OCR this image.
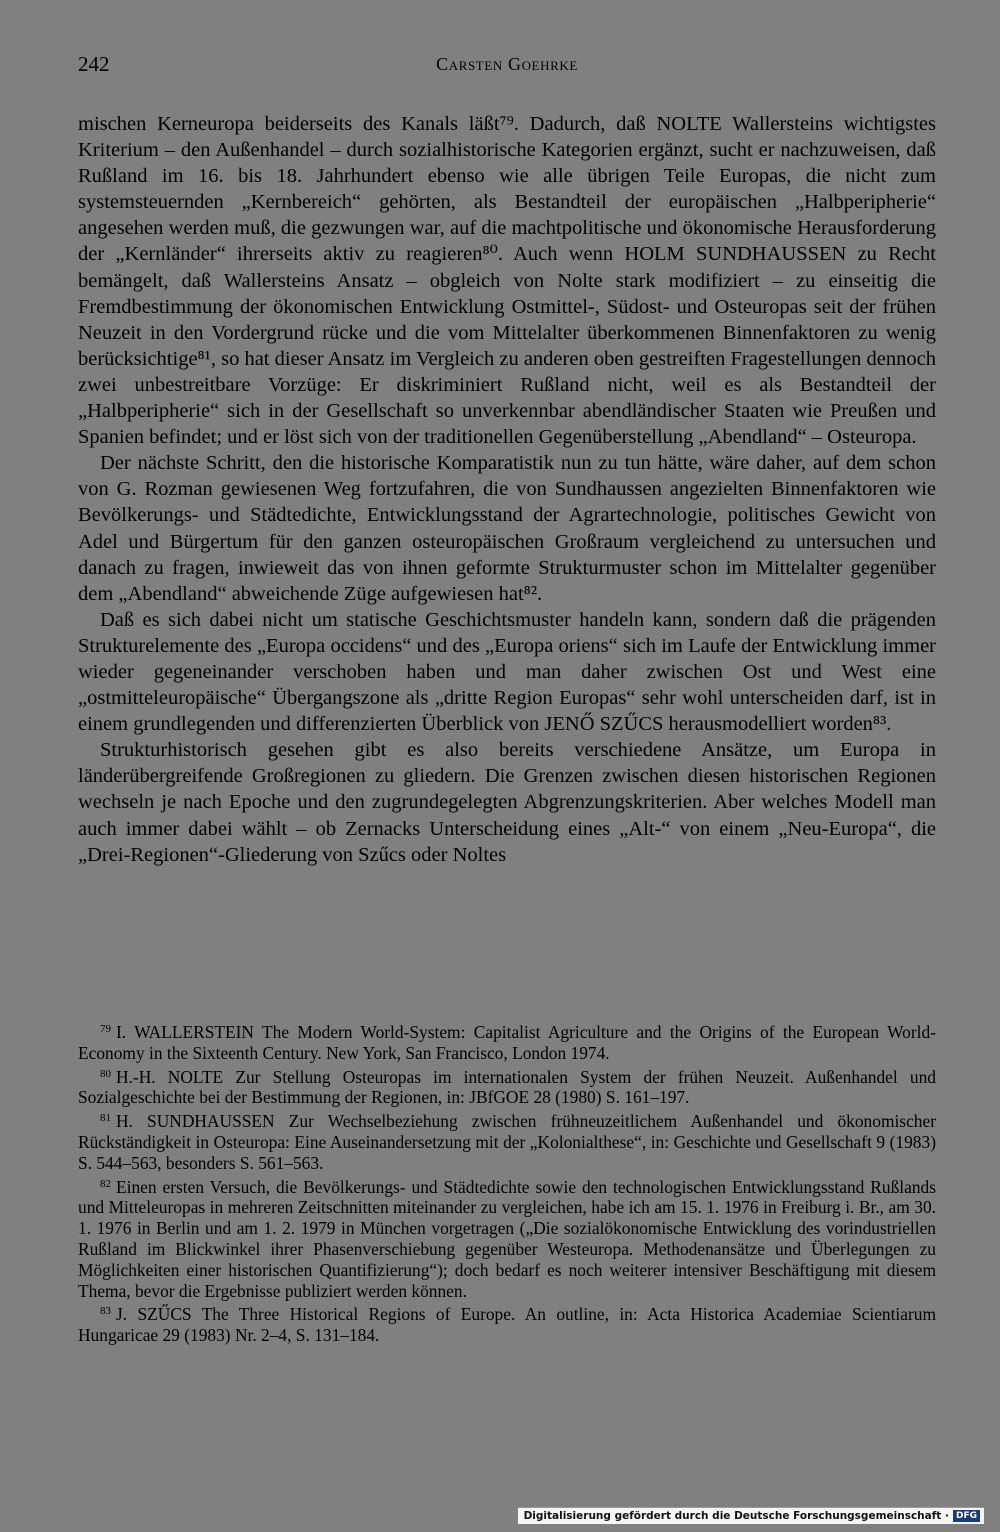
242	Carsten Goehrke

mischen Kerneuropa beiderseits des Kanals läßt⁷⁹. Dadurch, daß NOLTE Wallersteins wichtigstes Kriterium – den Außenhandel – durch sozialhistorische Kategorien ergänzt, sucht er nachzuweisen, daß Rußland im 16. bis 18. Jahrhundert ebenso wie alle übrigen Teile Europas, die nicht zum systemsteuernden „Kernbereich“ gehörten, als Bestandteil der europäischen „Halbperipherie“ angesehen werden muß, die gezwungen war, auf die machtpolitische und ökonomische Herausforderung der „Kernländer“ ihrerseits aktiv zu reagieren⁸⁰. Auch wenn HOLM SUNDHAUSSEN zu Recht bemängelt, daß Wallersteins Ansatz – obgleich von Nolte stark modifiziert – zu einseitig die Fremdbestimmung der ökonomischen Entwicklung Ostmittel-, Südost- und Osteuropas seit der frühen Neuzeit in den Vordergrund rücke und die vom Mittelalter überkommenen Binnenfaktoren zu wenig berücksichtige⁸¹, so hat dieser Ansatz im Vergleich zu anderen oben gestreiften Fragestellungen dennoch zwei unbestreitbare Vorzüge: Er diskriminiert Rußland nicht, weil es als Bestandteil der „Halbperipherie“ sich in der Gesellschaft so unverkennbar abendländischer Staaten wie Preußen und Spanien befindet; und er löst sich von der traditionellen Gegenüberstellung „Abendland“ – Osteuropa.

Der nächste Schritt, den die historische Komparatistik nun zu tun hätte, wäre daher, auf dem schon von G. Rozman gewiesenen Weg fortzufahren, die von Sundhaussen angezielten Binnenfaktoren wie Bevölkerungs- und Städtedichte, Entwicklungsstand der Agrartechnologie, politisches Gewicht von Adel und Bürgertum für den ganzen osteuropäischen Großraum vergleichend zu untersuchen und danach zu fragen, inwieweit das von ihnen geformte Strukturmuster schon im Mittelalter gegenüber dem „Abendland“ abweichende Züge aufgewiesen hat⁸².

Daß es sich dabei nicht um statische Geschichtsmuster handeln kann, sondern daß die prägenden Strukturelemente des „Europa occidens“ und des „Europa oriens“ sich im Laufe der Entwicklung immer wieder gegeneinander verschoben haben und man daher zwischen Ost und West eine „ostmitteleuropäische“ Übergangszone als „dritte Region Europas“ sehr wohl unterscheiden darf, ist in einem grundlegenden und differenzierten Überblick von JENŐ SZŰCS herausmodelliert worden⁸³.

Strukturhistorisch gesehen gibt es also bereits verschiedene Ansätze, um Europa in länderübergreifende Großregionen zu gliedern. Die Grenzen zwischen diesen historischen Regionen wechseln je nach Epoche und den zugrundegelegten Abgrenzungskriterien. Aber welches Modell man auch immer dabei wählt – ob Zernacks Unterscheidung eines „Alt-“ von einem „Neu-Europa“, die „Drei-Regionen“-Gliederung von Szűcs oder Noltes

$^{79}$ I. WALLERSTEIN The Modern World-System: Capitalist Agriculture and the Origins of the European World-Economy in the Sixteenth Century. New York, San Francisco, London 1974.

$^{80}$ H.-H. NOLTE Zur Stellung Osteuropas im internationalen System der frühen Neuzeit. Außenhandel und Sozialgeschichte bei der Bestimmung der Regionen, in: JBfGOE 28 (1980) S. 161–197.

$^{81}$ H. SUNDHAUSSEN Zur Wechselbeziehung zwischen frühneuzeitlichem Außenhandel und ökonomischer Rückständigkeit in Osteuropa: Eine Auseinandersetzung mit der „Kolonialthese“, in: Geschichte und Gesellschaft 9 (1983) S. 544–563, besonders S. 561–563.

$^{82}$ Einen ersten Versuch, die Bevölkerungs- und Städtedichte sowie den technologischen Entwicklungsstand Rußlands und Mitteleuropas in mehreren Zeitschnitten miteinander zu vergleichen, habe ich am 15. 1. 1976 in Freiburg i. Br., am 30. 1. 1976 in Berlin und am 1. 2. 1979 in München vorgetragen („Die sozialökonomische Entwicklung des vorindustriellen Rußland im Blickwinkel ihrer Phasenverschiebung gegenüber Westeuropa. Methodenansätze und Überlegungen zu Möglichkeiten einer historischen Quantifizierung“); doch bedarf es noch weiterer intensiver Beschäftigung mit diesem Thema, bevor die Ergebnisse publiziert werden können.

$^{83}$ J. SZŰCS The Three Historical Regions of Europe. An outline, in: Acta Historica Academiae Scientiarum Hungaricae 29 (1983) Nr. 2–4, S. 131–184.

Digitalisierung gefördert durch die Deutsche Forschungsgemeinschaft · DFG
